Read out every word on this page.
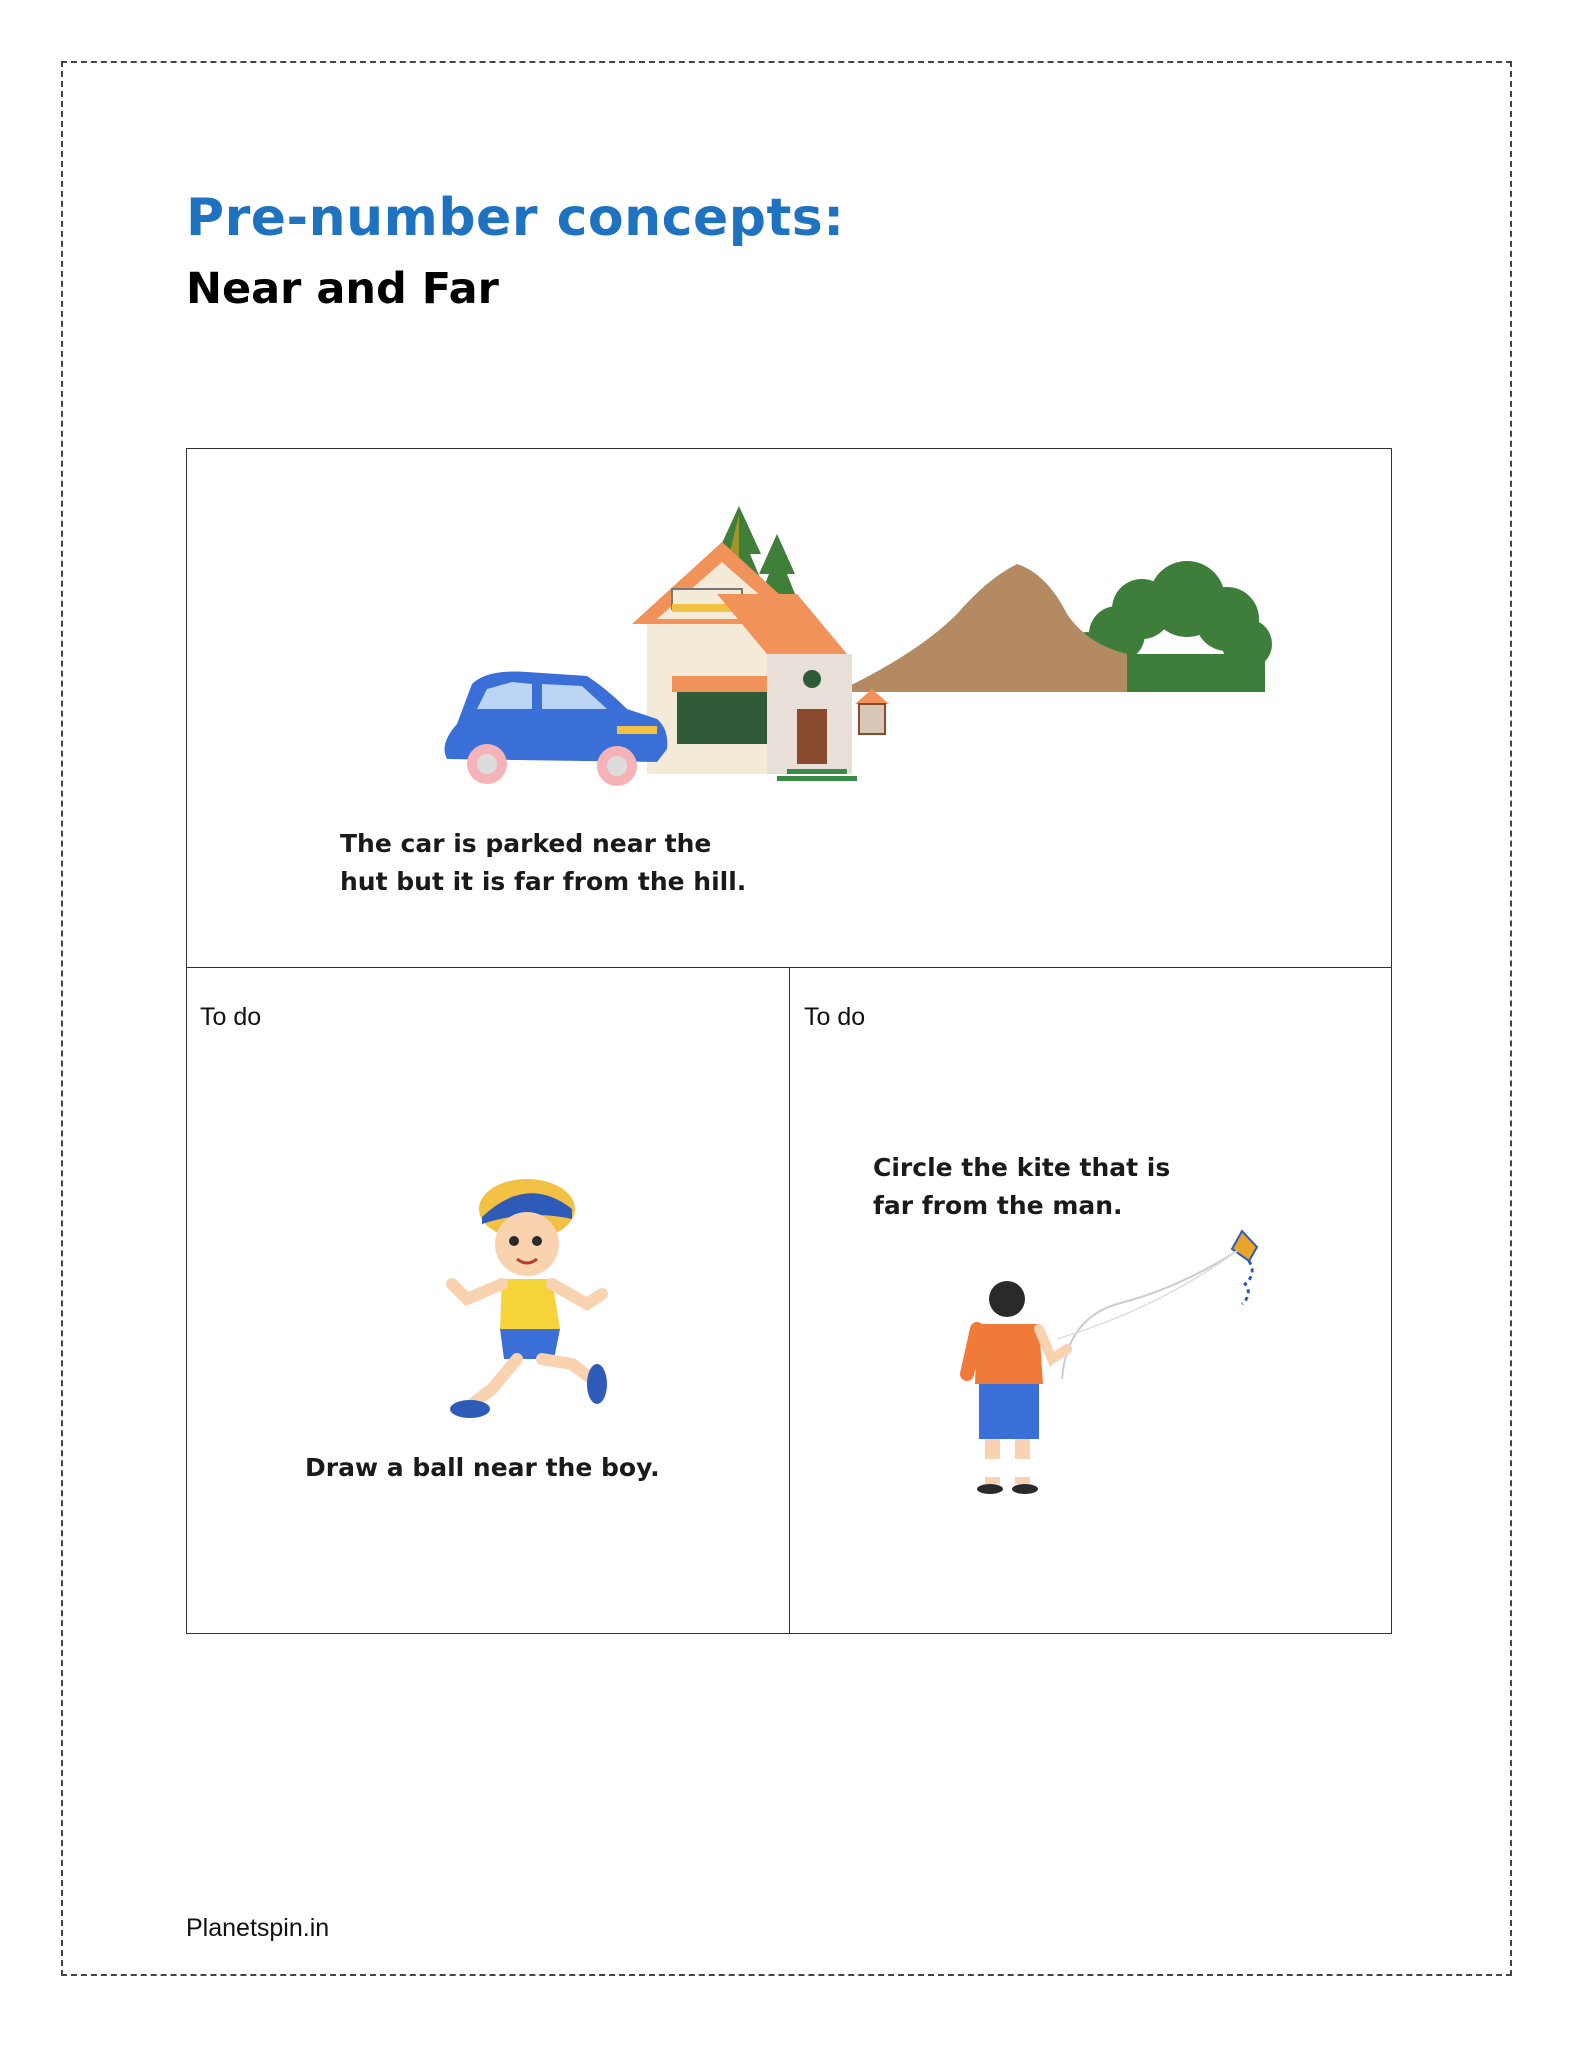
Pre-number concepts:
Near and Far
The car is parked near the
hut but it is far from the hill.
To do
Draw a ball near the boy.
To do
Circle the kite that is
far from the man.
Planetspin.in
